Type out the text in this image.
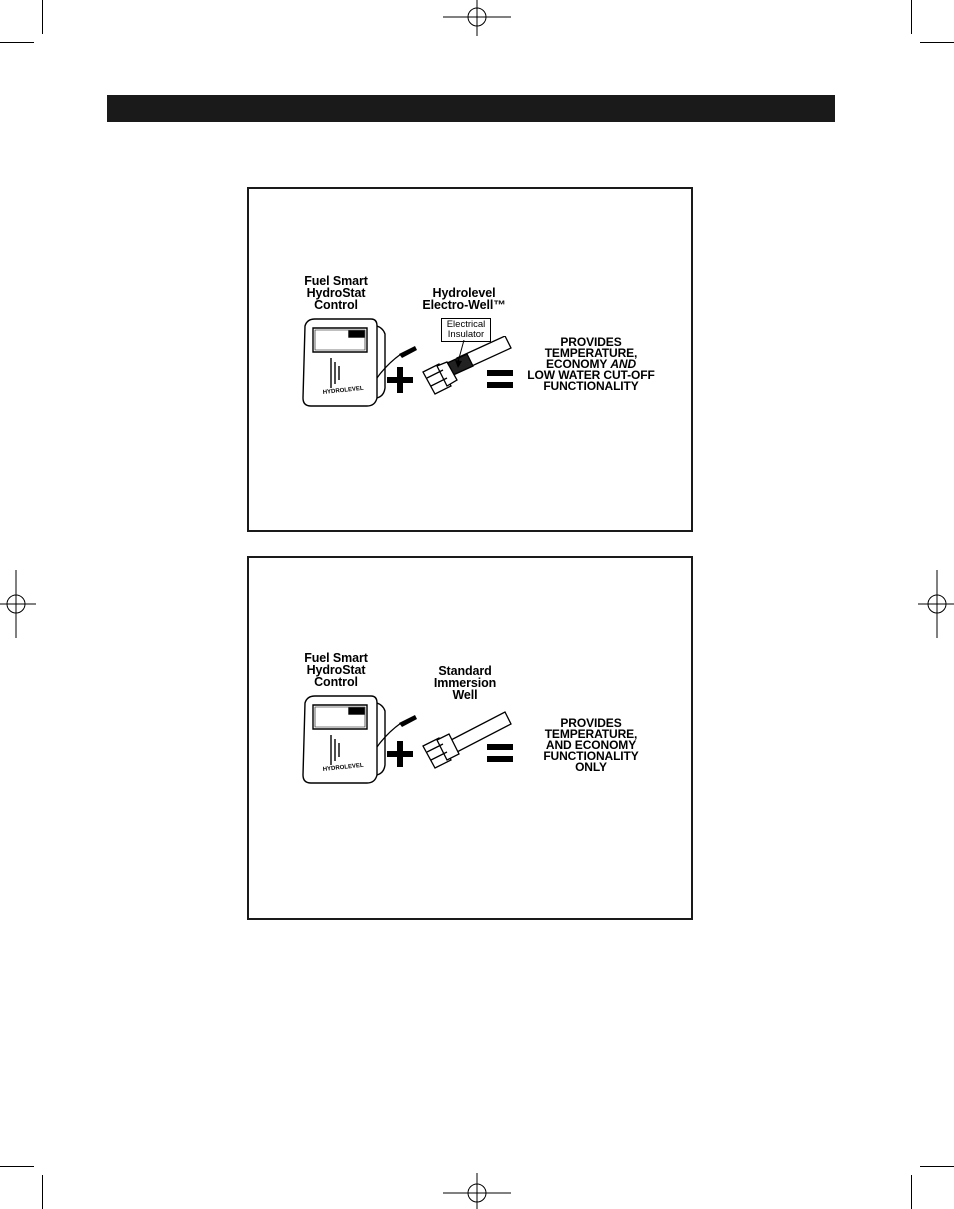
Fuel Smart
HydroStat
Control
Hydrolevel
Electro-Well™
HYDROLEVEL
Electrical
Insulator
PROVIDES
TEMPERATURE,
ECONOMY AND
LOW WATER CUT-OFF
FUNCTIONALITY
Fuel Smart
HydroStat
Control
Standard
Immersion
Well
HYDROLEVEL
PROVIDES
TEMPERATURE,
AND ECONOMY
FUNCTIONALITY
ONLY
